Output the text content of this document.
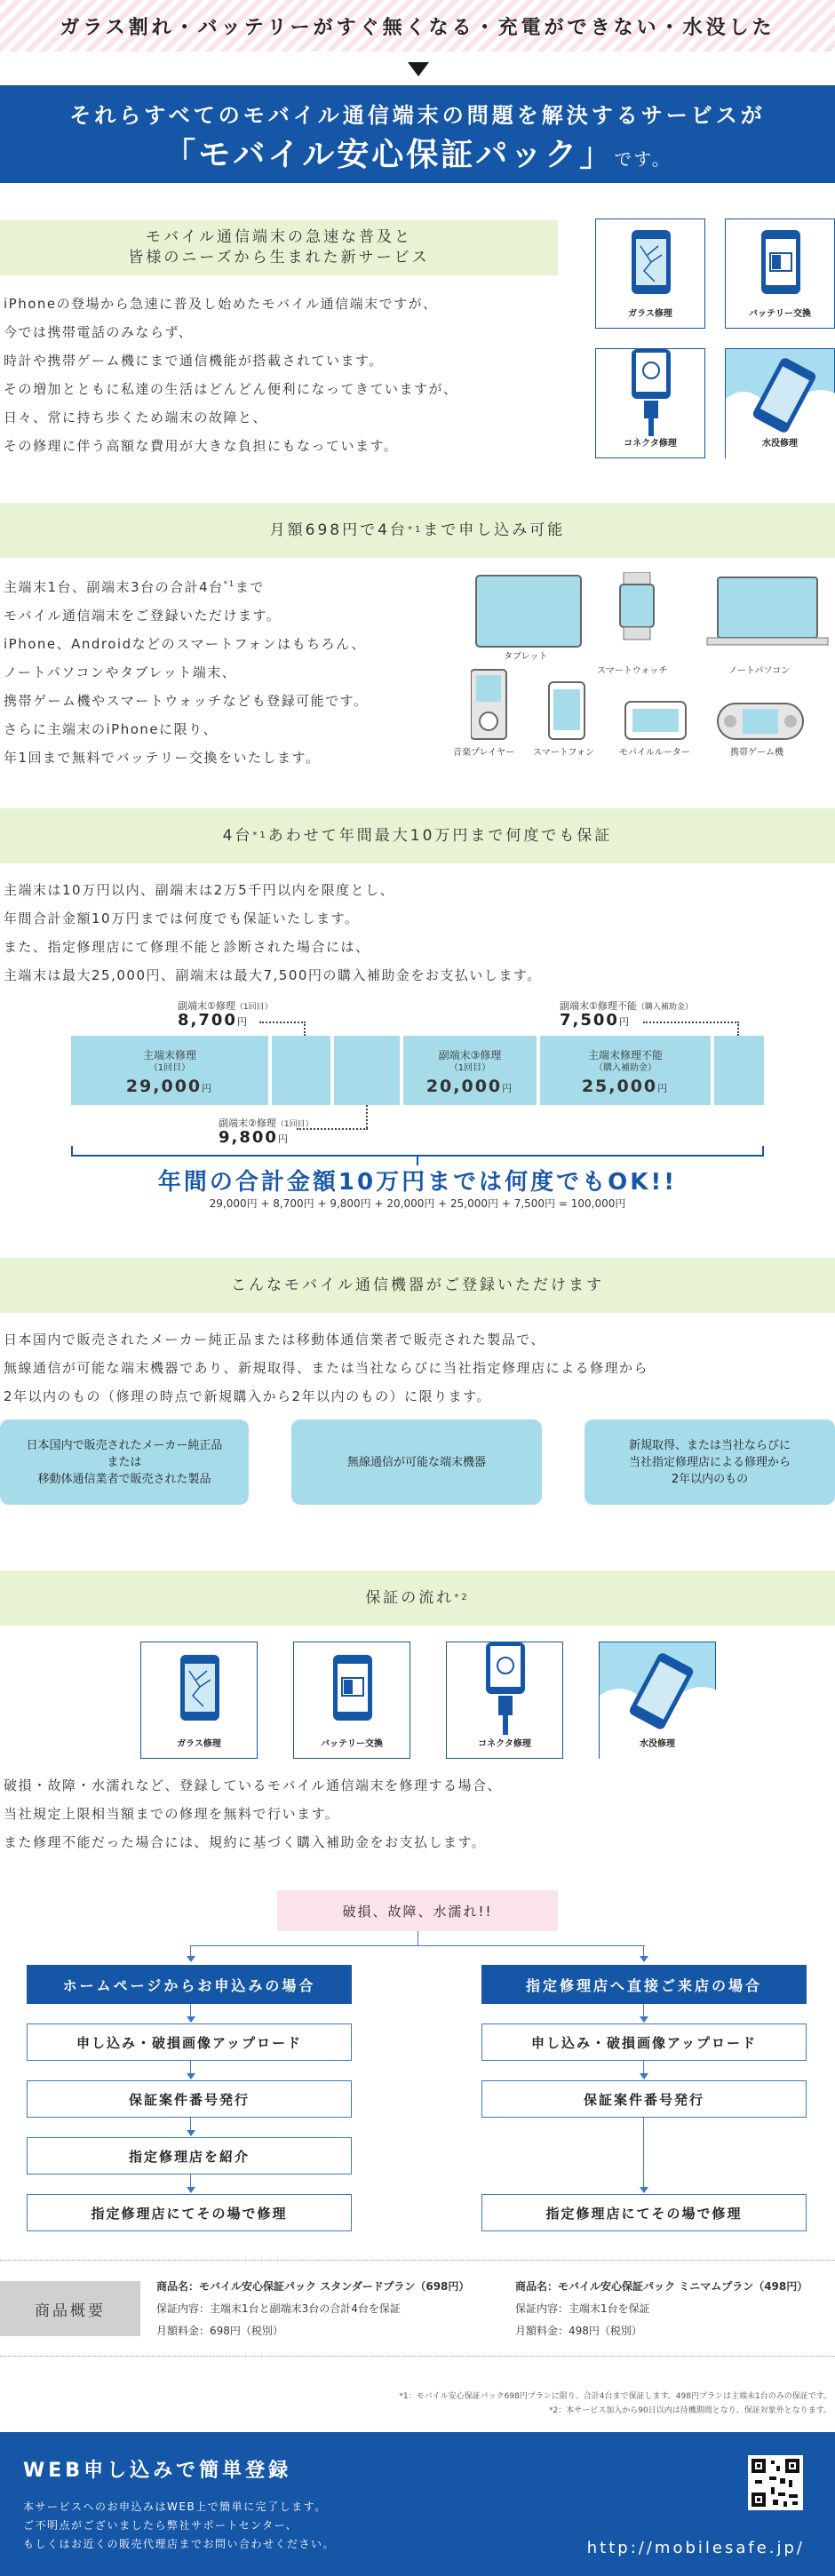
ガラス割れ・バッテリーがすぐ無くなる・充電ができない・水没した
それらすべてのモバイル通信端末の問題を解決するサービスが
「モバイル安心保証パック」です。
モバイル通信端末の急速な普及と
皆様のニーズから生まれた新サービス
iPhoneの登場から急速に普及し始めたモバイル通信端末ですが、
今では携帯電話のみならず、
時計や携帯ゲーム機にまで通信機能が搭載されています。
その増加とともに私達の生活はどんどん便利になってきていますが、
日々、常に持ち歩くため端末の故障と、
その修理に伴う高額な費用が大きな負担にもなっています。
ガラス修理	バッテリー交換
コネクタ修理	水没修理
月額698円で4台 *1 まで申し込み可能
主端末1台、副端末3台の合計4台$^{*1}$まで
モバイル通信端末をご登録いただけます。
iPhone、Androidなどのスマートフォンはもちろん、
ノートパソコンやタブレット端末、
携帯ゲーム機やスマートウォッチなども登録可能です。
さらに主端末のiPhoneに限り、
年1回まで無料でバッテリー交換をいたします。
タブレット
スマートウォッチ	ノートパソコン
音楽プレイヤー スマートフォン	モバイルルーター	携帯ゲーム機
4台 *1 あわせて年間最大10万円まで何度でも保証
主端末は10万円以内、副端末は2万5千円以内を限度とし、
年間合計金額10万円までは何度でも保証いたします。
また、指定修理店にて修理不能と診断された場合には、
主端末は最大25,000円、副端末は最大7,500円の購入補助金をお支払いします。
副端末①修理（1回目）
8,700円
副端末①修理不能（購入補助金）
7,500円
主端末修理
（1回目）
29,000円
副端末③修理
（1回目）
20,000円
主端末修理不能
（購入補助金）
25,000円
副端末②修理（1回目）
9,800円
年間の合計金額10万円までは何度でもOK!!
29,000円 + 8,700円 + 9,800円 + 20,000円 + 25,000円 + 7,500円 = 100,000円
こんなモバイル通信機器がご登録いただけます
日本国内で販売されたメーカー純正品または移動体通信業者で販売された製品で、
無線通信が可能な端末機器であり、新規取得、または当社ならびに当社指定修理店による修理から
2年以内のもの（修理の時点で新規購入から2年以内のもの）に限ります。
日本国内で販売されたメーカー純正品
または
移動体通信業者で販売された製品
無線通信が可能な端末機器
新規取得、または当社ならびに
当社指定修理店による修理から
2年以内のもの
保証の流れ *2
ガラス修理	バッテリー交換	コネクタ修理	水没修理
破損・故障・水濡れなど、登録しているモバイル通信端末を修理する場合、
当社規定上限相当額までの修理を無料で行います。
また修理不能だった場合には、規約に基づく購入補助金をお支払します。
破損、故障、水濡れ!!
ホームページからお申込みの場合	指定修理店へ直接ご来店の場合
申し込み・破損画像アップロード
保証案件番号発行
指定修理店を紹介
指定修理店にてその場で修理
申し込み・破損画像アップロード
保証案件番号発行
指定修理店にてその場で修理
商品概要
商品名：モバイル安心保証パック スタンダードプラン（698円）
保証内容：主端末1台と副端末3台の合計4台を保証
月額料金：698円（税別）
商品名：モバイル安心保証パック ミニマムプラン（498円）
保証内容：主端末1台を保証
月額料金：498円（税別）
*1：モバイル安心保証パック698円プランに限り、合計4台まで保証します。498円プランは主端末1台のみの保証です。
*2：本サービス加入から90日以内は待機期間となり、保証対象外となります。
WEB申し込みで簡単登録
本サービスへのお申込みはWEB上で簡単に完了します。
ご不明点がございましたら弊社サポートセンター、
もしくはお近くの販売代理店までお問い合わせください。	http://mobilesafe.jp/
